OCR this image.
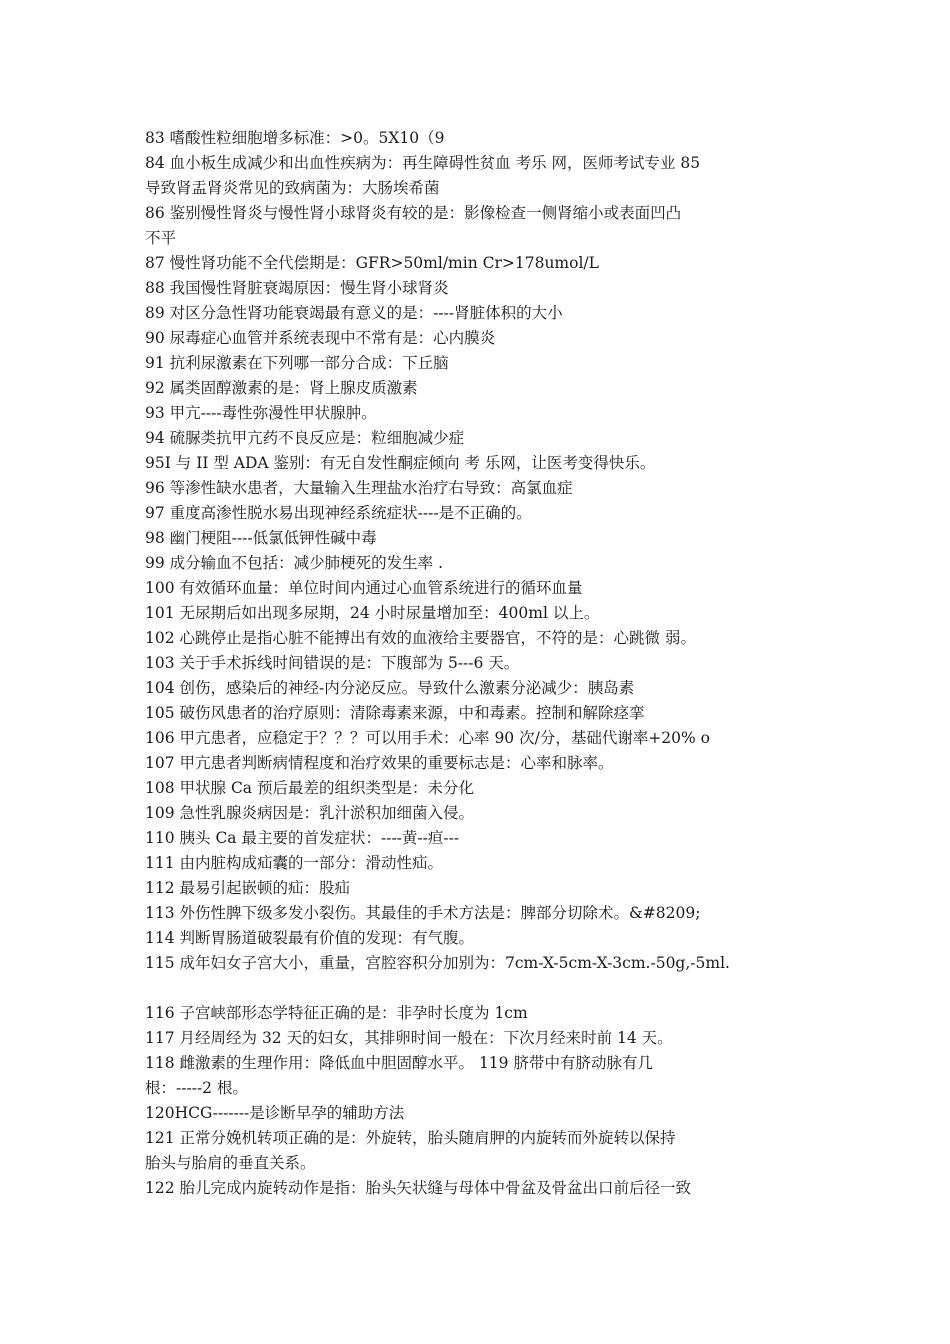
83 嗜酸性粒细胞增多标准：>0。5X10（9
84 血小板生成减少和出血性疾病为：再生障碍性贫血 考乐 网，医师考试专业 85
导致肾盂肾炎常见的致病菌为：大肠埃希菌
86 鉴别慢性肾炎与慢性肾小球肾炎有较的是：影像检查一侧肾缩小或表面凹凸
不平
87 慢性肾功能不全代偿期是：GFR>50ml/min Cr>178umol/L
88 我国慢性肾脏衰竭原因：慢生肾小球肾炎
89 对区分急性肾功能衰竭最有意义的是：----肾脏体积的大小
90 尿毒症心血管并系统表现中不常有是：心内膜炎
91 抗利尿激素在下列哪一部分合成：下丘脑
92 属类固醇激素的是：肾上腺皮质激素
93 甲亢----毒性弥漫性甲状腺肿。
94 硫脲类抗甲亢药不良反应是：粒细胞减少症
95I 与 II 型 ADA 鉴别：有无自发性酮症倾向 考 乐网，让医考变得快乐。
96 等渗性缺水患者，大量输入生理盐水治疗右导致：高氯血症
97 重度高渗性脱水易出现神经系统症状----是不正确的。
98 幽门梗阻----低氯低钾性碱中毒
99 成分输血不包括：减少肺梗死的发生率 .
100 有效循环血量：单位时间内通过心血管系统进行的循环血量
101 无尿期后如出现多尿期，24 小时尿量增加至：400ml 以上。
102 心跳停止是指心脏不能搏出有效的血液给主要器官，不符的是：心跳微 弱。
103 关于手术拆线时间错误的是：下腹部为 5---6 天。
104 创伤，感染后的神经-内分泌反应。导致什么激素分泌减少：胰岛素
105 破伤风患者的治疗原则：清除毒素来源，中和毒素。控制和解除痉挛
106 甲亢患者，应稳定于？？？可以用手术：心率 90 次/分，基础代谢率+20% o
107 甲亢患者判断病情程度和治疗效果的重要标志是：心率和脉率。
108 甲状腺 Ca 预后最差的组织类型是：未分化
109 急性乳腺炎病因是：乳汁淤积加细菌入侵。
110 胰头 Ca 最主要的首发症状：----黄--疸---
111 由内脏构成疝囊的一部分：滑动性疝。
112 最易引起嵌顿的疝：股疝
113 外伤性脾下级多发小裂伤。其最佳的手术方法是：脾部分切除术。&#8209;
114 判断胃肠道破裂最有价值的发现：有气腹。
115 成年妇女子宫大小，重量，宫腔容积分加别为：7cm-X-5cm-X-3cm.-50g,-5ml.
116 子宫峡部形态学特征正确的是：非孕时长度为 1cm
117 月经周经为 32 天的妇女，其排卵时间一般在：下次月经来时前 14 天。
118 雌激素的生理作用：降低血中胆固醇水平。 119 脐带中有脐动脉有几
根：-----2 根。
120HCG-------是诊断早孕的辅助方法
121 正常分娩机转项正确的是：外旋转，胎头随肩胛的内旋转而外旋转以保持
胎头与胎肩的垂直关系。
122 胎儿完成内旋转动作是指：胎头矢状缝与母体中骨盆及骨盆出口前后径一致
